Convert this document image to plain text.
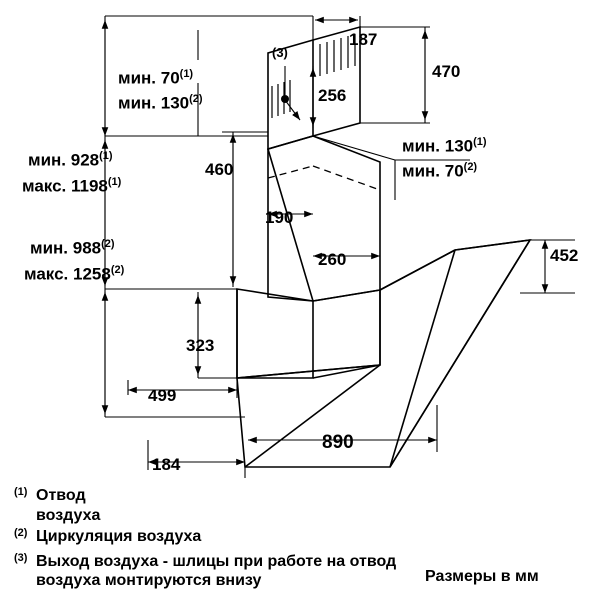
187
470
256
460
190
260	452
323
499
184
890
(3)
мин. 70$^{(1)}$
мин. 130$^{(2)}$
мин. 928$^{(1)}$
макс. 1198$^{(1)}$
мин. 988$^{(2)}$
макс. 1258$^{(2)}$
мин. 130$^{(1)}$
мин. 70$^{(2)}$
$^{(1)}$ Отвод
воздуха
$^{(2)}$ Циркуляция воздуха
$^{(3)}$ Выход воздуха - шлицы при работе на отвод
воздуха монтируются внизу	Размеры в мм
